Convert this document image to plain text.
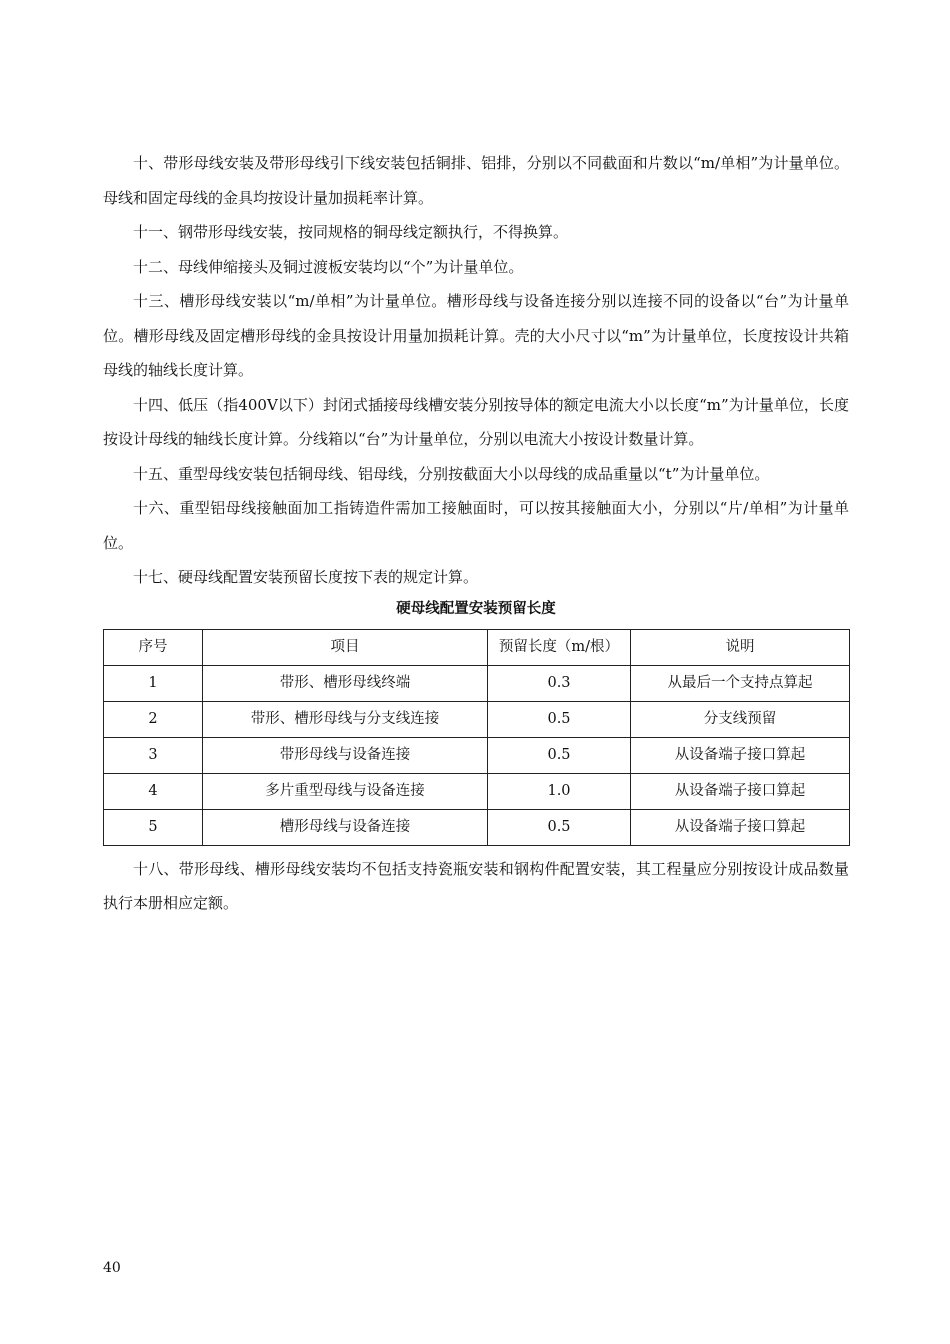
十、带形母线安装及带形母线引下线安装包括铜排、铝排，分别以不同截面和片数以“m/单相”为计量单位。母线和固定母线的金具均按设计量加损耗率计算。

十一、钢带形母线安装，按同规格的铜母线定额执行，不得换算。

十二、母线伸缩接头及铜过渡板安装均以“个”为计量单位。

十三、槽形母线安装以“m/单相”为计量单位。槽形母线与设备连接分别以连接不同的设备以“台”为计量单位。槽形母线及固定槽形母线的金具按设计用量加损耗计算。壳的大小尺寸以“m”为计量单位，长度按设计共箱母线的轴线长度计算。

十四、低压（指400V以下）封闭式插接母线槽安装分别按导体的额定电流大小以长度“m”为计量单位，长度按设计母线的轴线长度计算。分线箱以“台”为计量单位，分别以电流大小按设计数量计算。

十五、重型母线安装包括铜母线、铝母线，分别按截面大小以母线的成品重量以“t”为计量单位。

十六、重型铝母线接触面加工指铸造件需加工接触面时，可以按其接触面大小，分别以“片/单相”为计量单位。

十七、硬母线配置安装预留长度按下表的规定计算。

硬母线配置安装预留长度

序号	项目	预留长度（m/根）	说明
1	带形、槽形母线终端	0.3	从最后一个支持点算起
2	带形、槽形母线与分支线连接	0.5	分支线预留
3	带形母线与设备连接	0.5	从设备端子接口算起
4	多片重型母线与设备连接	1.0	从设备端子接口算起
5	槽形母线与设备连接	0.5	从设备端子接口算起

十八、带形母线、槽形母线安装均不包括支持瓷瓶安装和钢构件配置安装，其工程量应分别按设计成品数量执行本册相应定额。

40
